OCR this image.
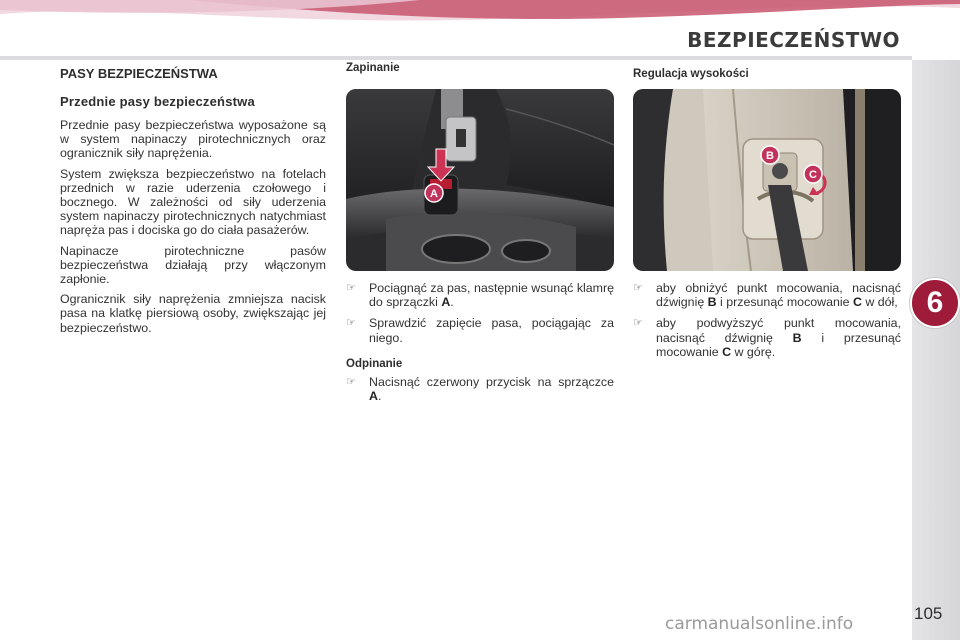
BEZPIECZEŃSTWO
6
PASY BEZPIECZEŃSTWA
Przednie pasy bezpieczeństwa

Przednie pasy bezpieczeństwa wyposażone są w system napinaczy pirotechnicznych oraz ogranicznik siły naprężenia.

System zwiększa bezpieczeństwo na fotelach przednich w razie uderzenia czołowego i bocznego. W zależności od siły uderzenia system napinaczy pirotechnicznych natychmiast napręża pas i dociska go do ciała pasażerów.

Napinacze pirotechniczne pasów bezpieczeństwa działają przy włączonym zapłonie.

Ogranicznik siły naprężenia zmniejsza nacisk pasa na klatkę piersiową osoby, zwiększając jej bezpieczeństwo.

Zapinanie
A
☞	Pociągnąć za pas, następnie wsunąć klamrę do sprzączki A.
☞	Sprawdzić zapięcie pasa, pociągając za niego.
Odpinanie
☞	Nacisnąć czerwony przycisk na sprzączce A.
Regulacja wysokości
B
C
☞	aby obniżyć punkt mocowania, nacisnąć dźwignię B i przesunąć mocowanie C w dół,
☞	aby podwyższyć punkt mocowania, nacisnąć dźwignię B i przesunąć mocowanie C w górę.
carmanualsonline.info
105
